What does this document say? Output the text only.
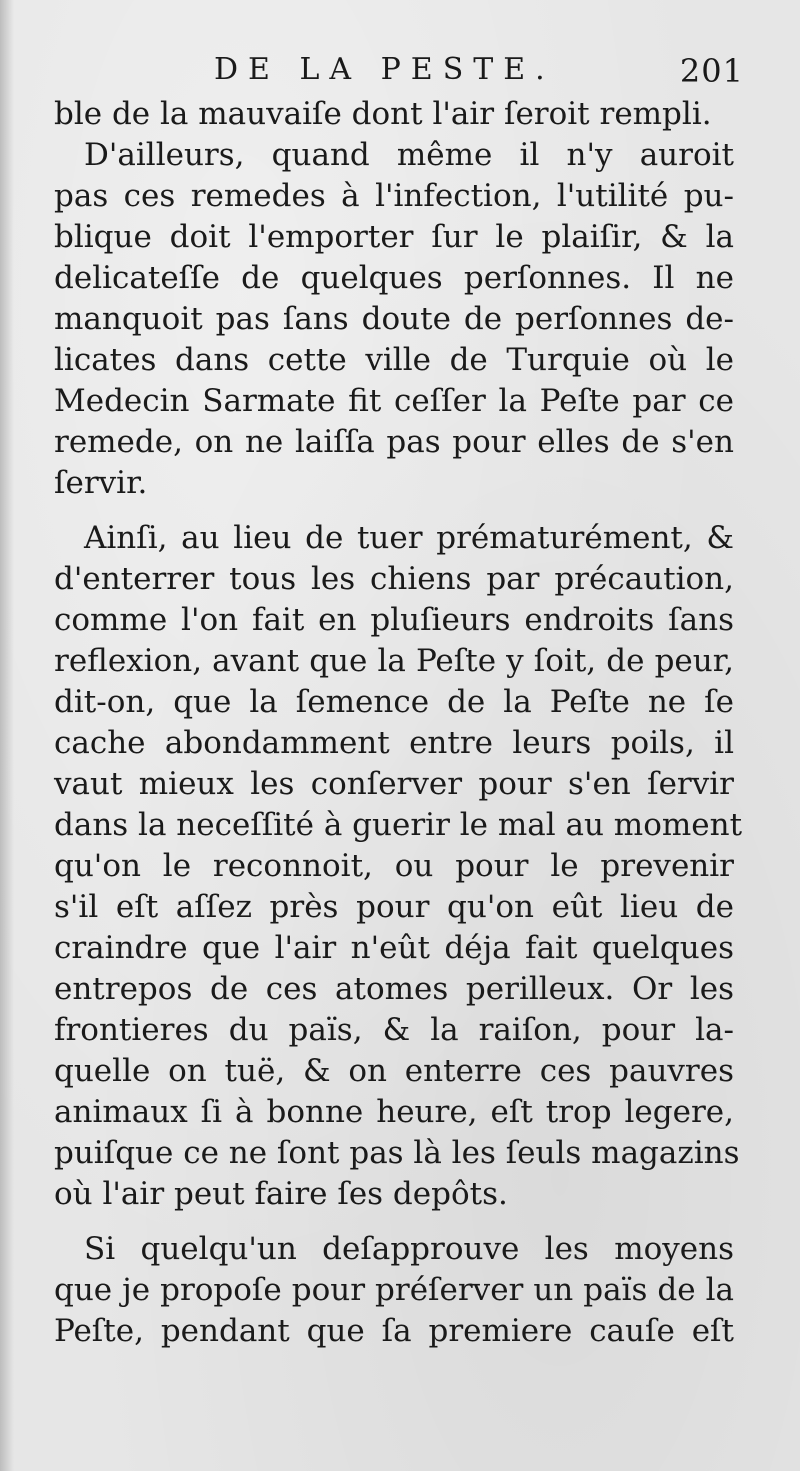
DE LA PESTE.	201
ble de la mauvaiſe dont l'air ſeroit rempli.
D'ailleurs, quand même il n'y auroit
pas ces remedes à l'infection, l'utilité pu-
blique doit l'emporter ſur le plaiſir, & la
delicateſſe de quelques perſonnes. Il ne
manquoit pas ſans doute de perſonnes de-
licates dans cette ville de Turquie où le
Medecin Sarmate fit ceſſer la Peſte par ce
remede, on ne laiſſa pas pour elles de s'en
ſervir.
Ainſi, au lieu de tuer prématurément, &
d'enterrer tous les chiens par précaution,
comme l'on fait en pluſieurs endroits ſans
reflexion, avant que la Peſte y ſoit, de peur,
dit-on, que la ſemence de la Peſte ne ſe
cache abondamment entre leurs poils, il
vaut mieux les conſerver pour s'en ſervir
dans la neceſſité à guerir le mal au moment
qu'on le reconnoit, ou pour le prevenir
s'il eſt aſſez près pour qu'on eût lieu de
craindre que l'air n'eût déja fait quelques
entrepos de ces atomes perilleux. Or les
frontieres du païs, & la raiſon, pour la-
quelle on tuë, & on enterre ces pauvres
animaux ſi à bonne heure, eſt trop legere,
puiſque ce ne ſont pas là les ſeuls magazins
où l'air peut faire ſes depôts.
Si quelqu'un deſapprouve les moyens
que je propoſe pour préſerver un païs de la
Peſte, pendant que ſa premiere cauſe eſt
